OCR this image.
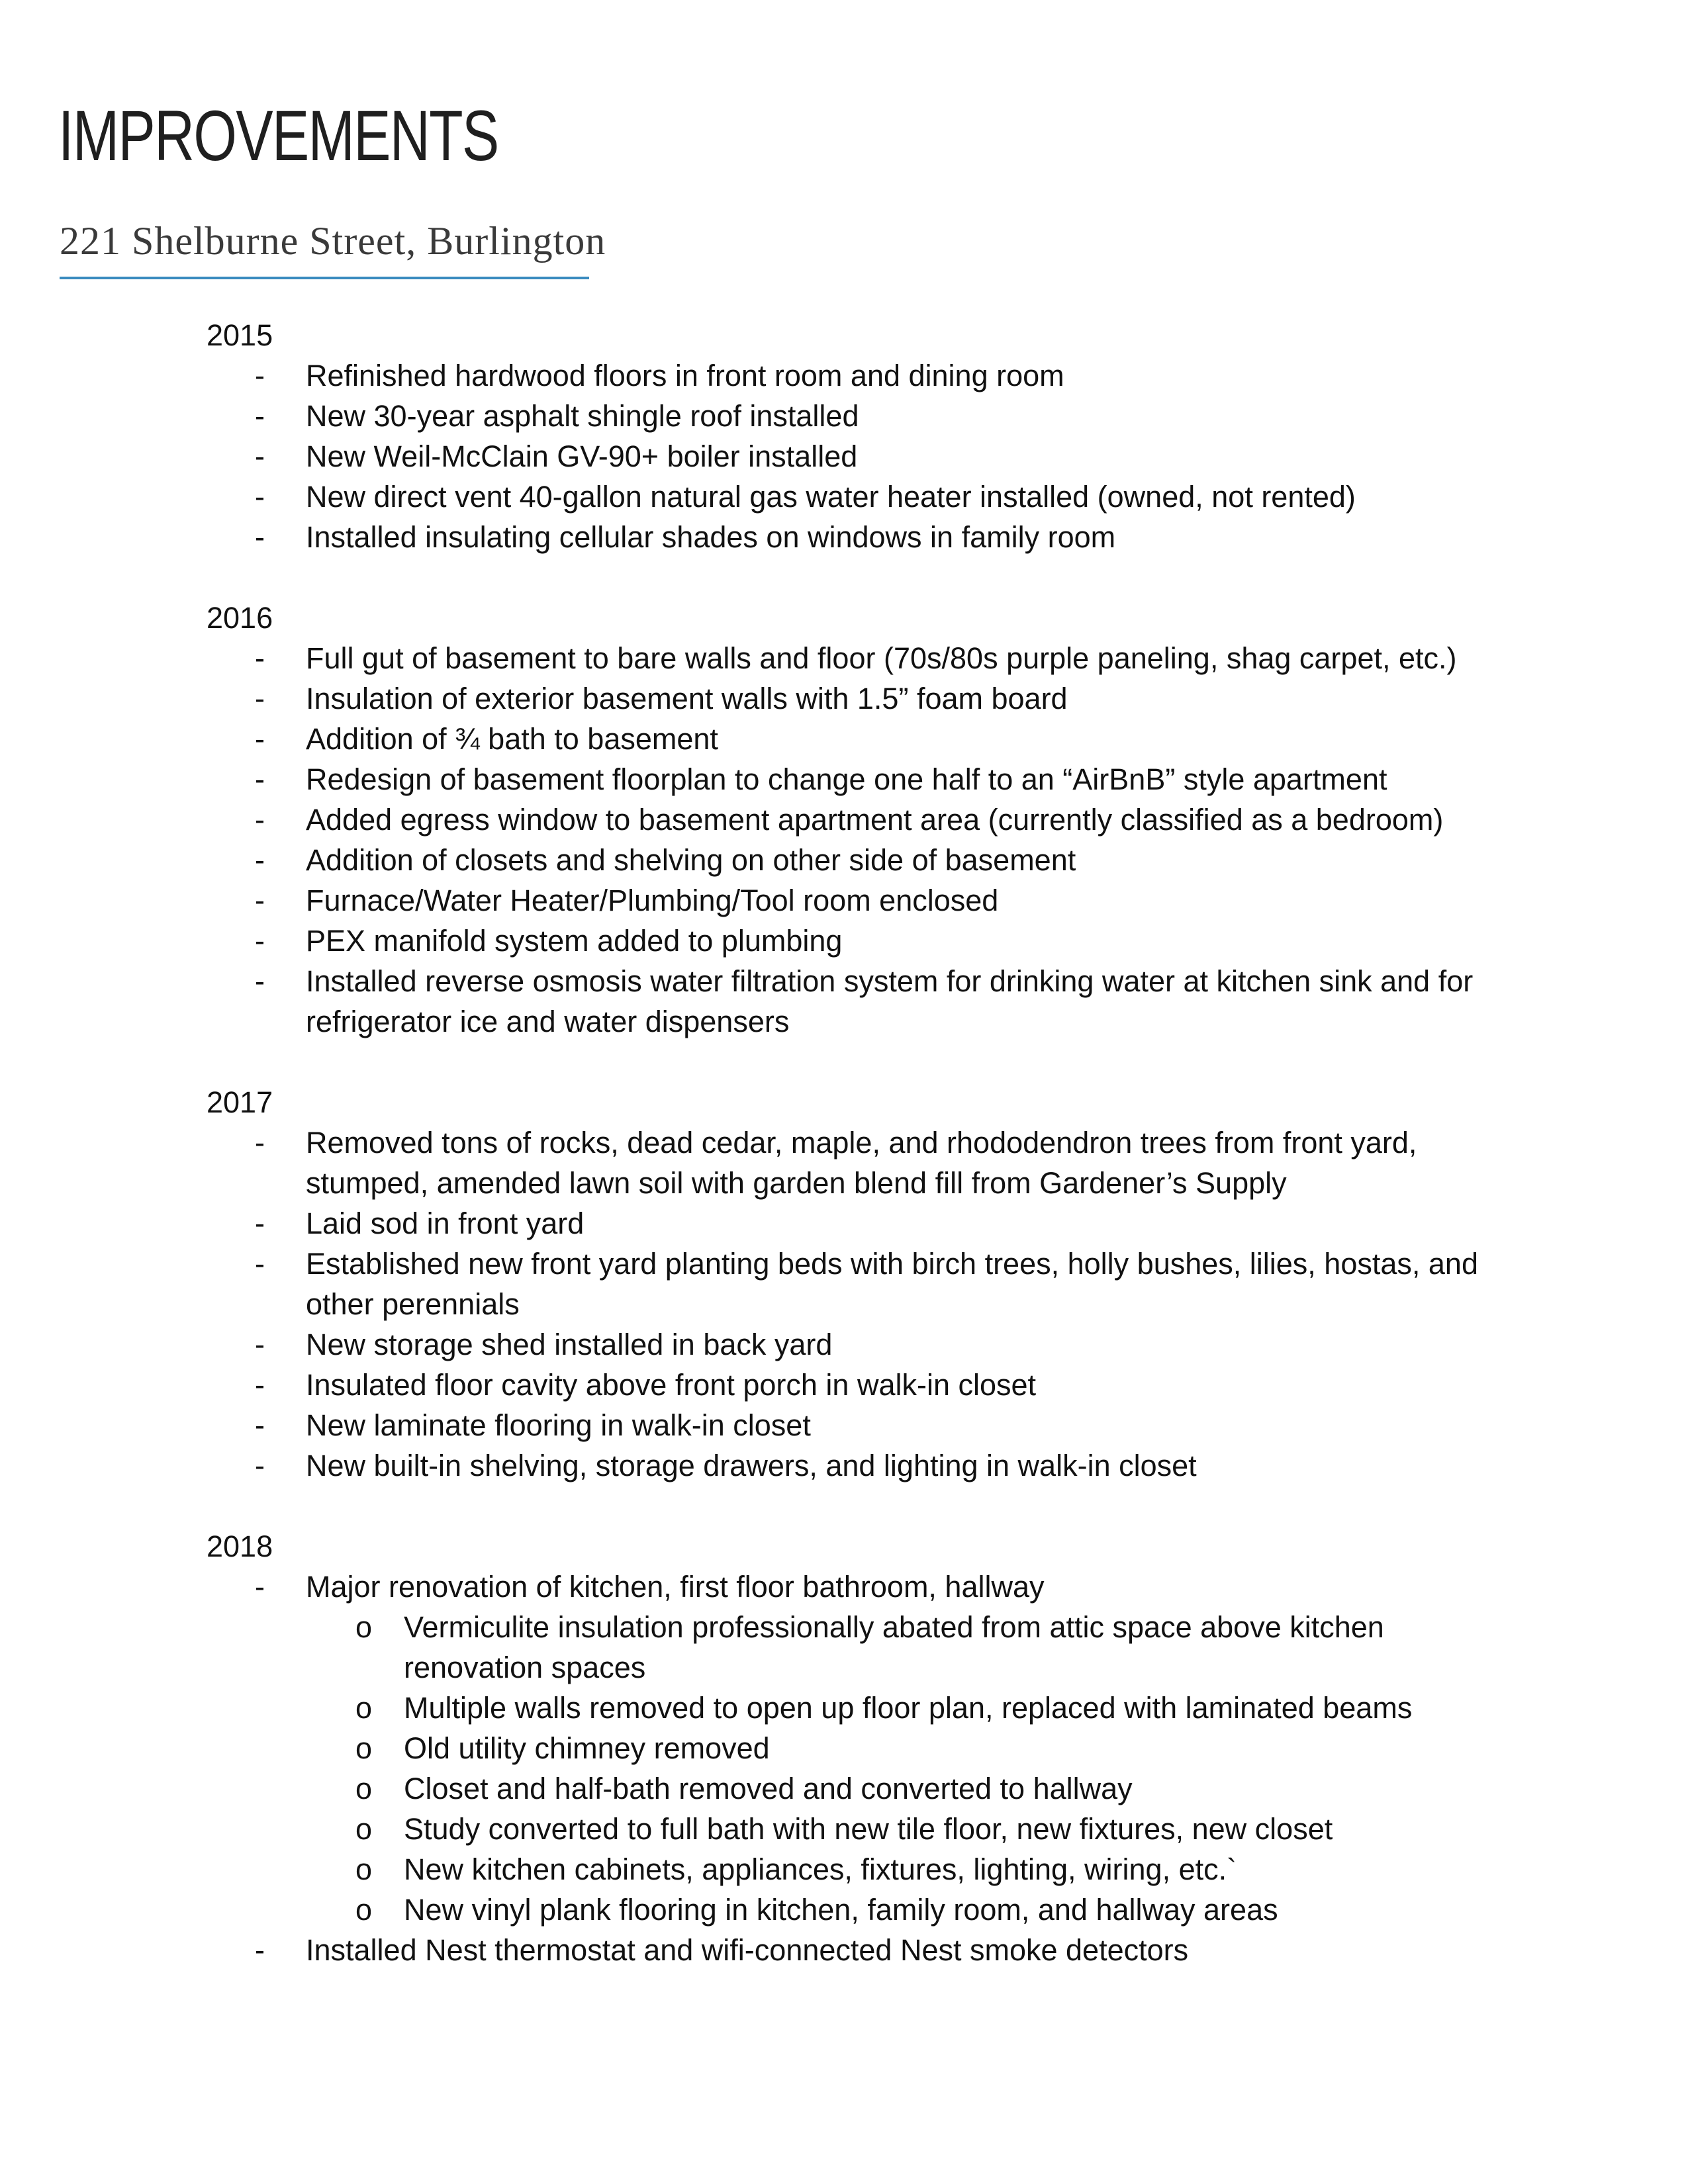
IMPROVEMENTS
221 Shelburne Street, Burlington
2015
- Refinished hardwood floors in front room and dining room
- New 30-year asphalt shingle roof installed
- New Weil-McClain GV-90+ boiler installed
- New direct vent 40-gallon natural gas water heater installed (owned, not rented)
- Installed insulating cellular shades on windows in family room
2016
- Full gut of basement to bare walls and floor (70s/80s purple paneling, shag carpet, etc.)
- Insulation of exterior basement walls with 1.5” foam board
- Addition of ¾ bath to basement
- Redesign of basement floorplan to change one half to an “AirBnB” style apartment
- Added egress window to basement apartment area (currently classified as a bedroom)
- Addition of closets and shelving on other side of basement
- Furnace/Water Heater/Plumbing/Tool room enclosed
- PEX manifold system added to plumbing
- Installed reverse osmosis water filtration system for drinking water at kitchen sink and for refrigerator ice and water dispensers
2017
- Removed tons of rocks, dead cedar, maple, and rhododendron trees from front yard, stumped, amended lawn soil with garden blend fill from Gardener’s Supply
- Laid sod in front yard
- Established new front yard planting beds with birch trees, holly bushes, lilies, hostas, and other perennials
- New storage shed installed in back yard
- Insulated floor cavity above front porch in walk-in closet
- New laminate flooring in walk-in closet
- New built-in shelving, storage drawers, and lighting in walk-in closet
2018
- Major renovation of kitchen, first floor bathroom, hallway
o Vermiculite insulation professionally abated from attic space above kitchen renovation spaces
o Multiple walls removed to open up floor plan, replaced with laminated beams
o Old utility chimney removed
o Closet and half-bath removed and converted to hallway
o Study converted to full bath with new tile floor, new fixtures, new closet
o New kitchen cabinets, appliances, fixtures, lighting, wiring, etc.`
o New vinyl plank flooring in kitchen, family room, and hallway areas
- Installed Nest thermostat and wifi-connected Nest smoke detectors
